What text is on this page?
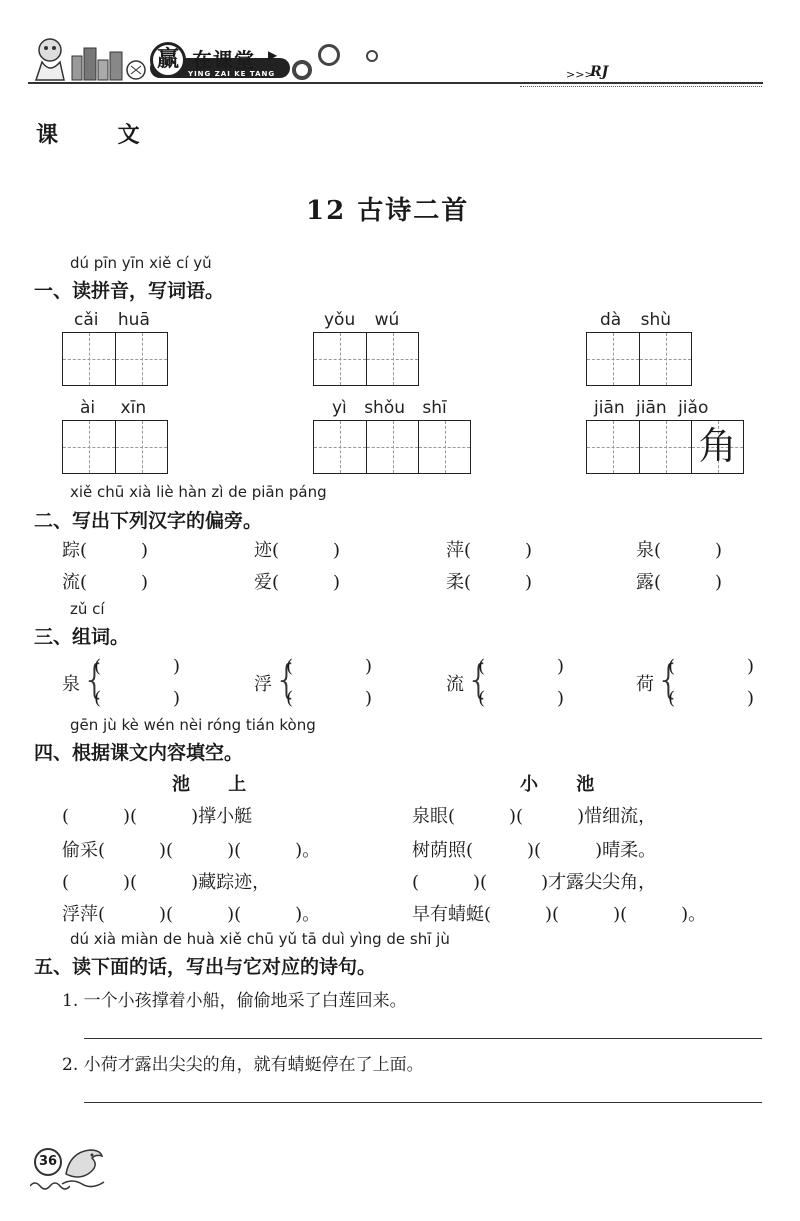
赢 在课堂
YING ZAI KE TANG
▶
>>>
RJ
课 文
12 古诗二首
dú pīn yīn xiě cí yǔ
一、读拼音，写词语。
cǎi huā	yǒu wú	dà shù
ài xīn	yì shǒu shī	jiān jiān jiǎo
角
xiě chū xià liè hàn zì de piān páng
二、写出下列汉字的偏旁。
踪(　　　)	迹(　　　)	萍(　　　)	泉(　　　)
流(　　　)	爱(　　　)	柔(　　　)	露(　　　)
zǔ cí
三、组词。
泉 {
(　　　　)
(　　　　)
浮 {
(　　　　)
(　　　　)
流 {
(　　　　)
(　　　　)
荷 {
(　　　　)
(　　　　)
gēn jù kè wén nèi róng tián kòng
四、根据课文内容填空。
池 上	小 池
(　　　)(　　　)撑小艇
偷采(　　　)(　　　)(　　　)。
(　　　)(　　　)藏踪迹，
浮萍(　　　)(　　　)(　　　)。
泉眼(　　　)(　　　)惜细流，
树荫照(　　　)(　　　)晴柔。
(　　　)(　　　)才露尖尖角，
早有蜻蜓(　　　)(　　　)(　　　)。
dú xià miàn de huà xiě chū yǔ tā duì yìng de shī jù
五、读下面的话，写出与它对应的诗句。
1. 一个小孩撑着小船，偷偷地采了白莲回来。
2. 小荷才露出尖尖的角，就有蜻蜓停在了上面。
36
